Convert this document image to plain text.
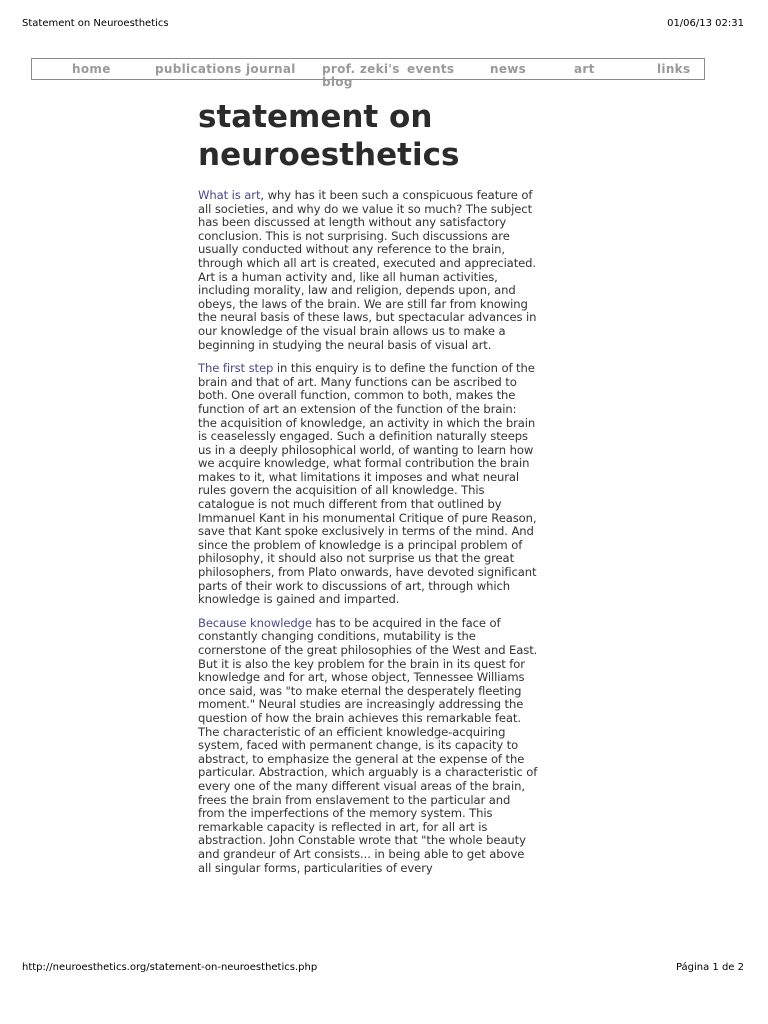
Statement on Neuroesthetics	01/06/13 02:31
home	publications journal prof. zeki's blog
events	news	art	links
statement on neuroesthetics

What is art, why has it been such a conspicuous feature of all societies, and why do we value it so much? The subject has been discussed at length without any satisfactory conclusion. This is not surprising. Such discussions are usually conducted without any reference to the brain, through which all art is created, executed and appreciated. Art is a human activity and, like all human activities, including morality, law and religion, depends upon, and obeys, the laws of the brain. We are still far from knowing the neural basis of these laws, but spectacular advances in our knowledge of the visual brain allows us to make a beginning in studying the neural basis of visual art.

The first step in this enquiry is to define the function of the brain and that of art. Many functions can be ascribed to both. One overall function, common to both, makes the function of art an extension of the function of the brain: the acquisition of knowledge, an activity in which the brain is ceaselessly engaged. Such a definition naturally steeps us in a deeply philosophical world, of wanting to learn how we acquire knowledge, what formal contribution the brain makes to it, what limitations it imposes and what neural rules govern the acquisition of all knowledge. This catalogue is not much different from that outlined by Immanuel Kant in his monumental Critique of pure Reason, save that Kant spoke exclusively in terms of the mind. And since the problem of knowledge is a principal problem of philosophy, it should also not surprise us that the great philosophers, from Plato onwards, have devoted significant parts of their work to discussions of art, through which knowledge is gained and imparted.

Because knowledge has to be acquired in the face of constantly changing conditions, mutability is the cornerstone of the great philosophies of the West and East. But it is also the key problem for the brain in its quest for knowledge and for art, whose object, Tennessee Williams once said, was "to make eternal the desperately fleeting moment." Neural studies are increasingly addressing the question of how the brain achieves this remarkable feat. The characteristic of an efficient knowledge-acquiring system, faced with permanent change, is its capacity to abstract, to emphasize the general at the expense of the particular. Abstraction, which arguably is a characteristic of every one of the many different visual areas of the brain, frees the brain from enslavement to the particular and from the imperfections of the memory system. This remarkable capacity is reflected in art, for all art is abstraction. John Constable wrote that "the whole beauty and grandeur of Art consists... in being able to get above all singular forms, particularities of every

http://neuroesthetics.org/statement-on-neuroesthetics.php	Página 1 de 2
